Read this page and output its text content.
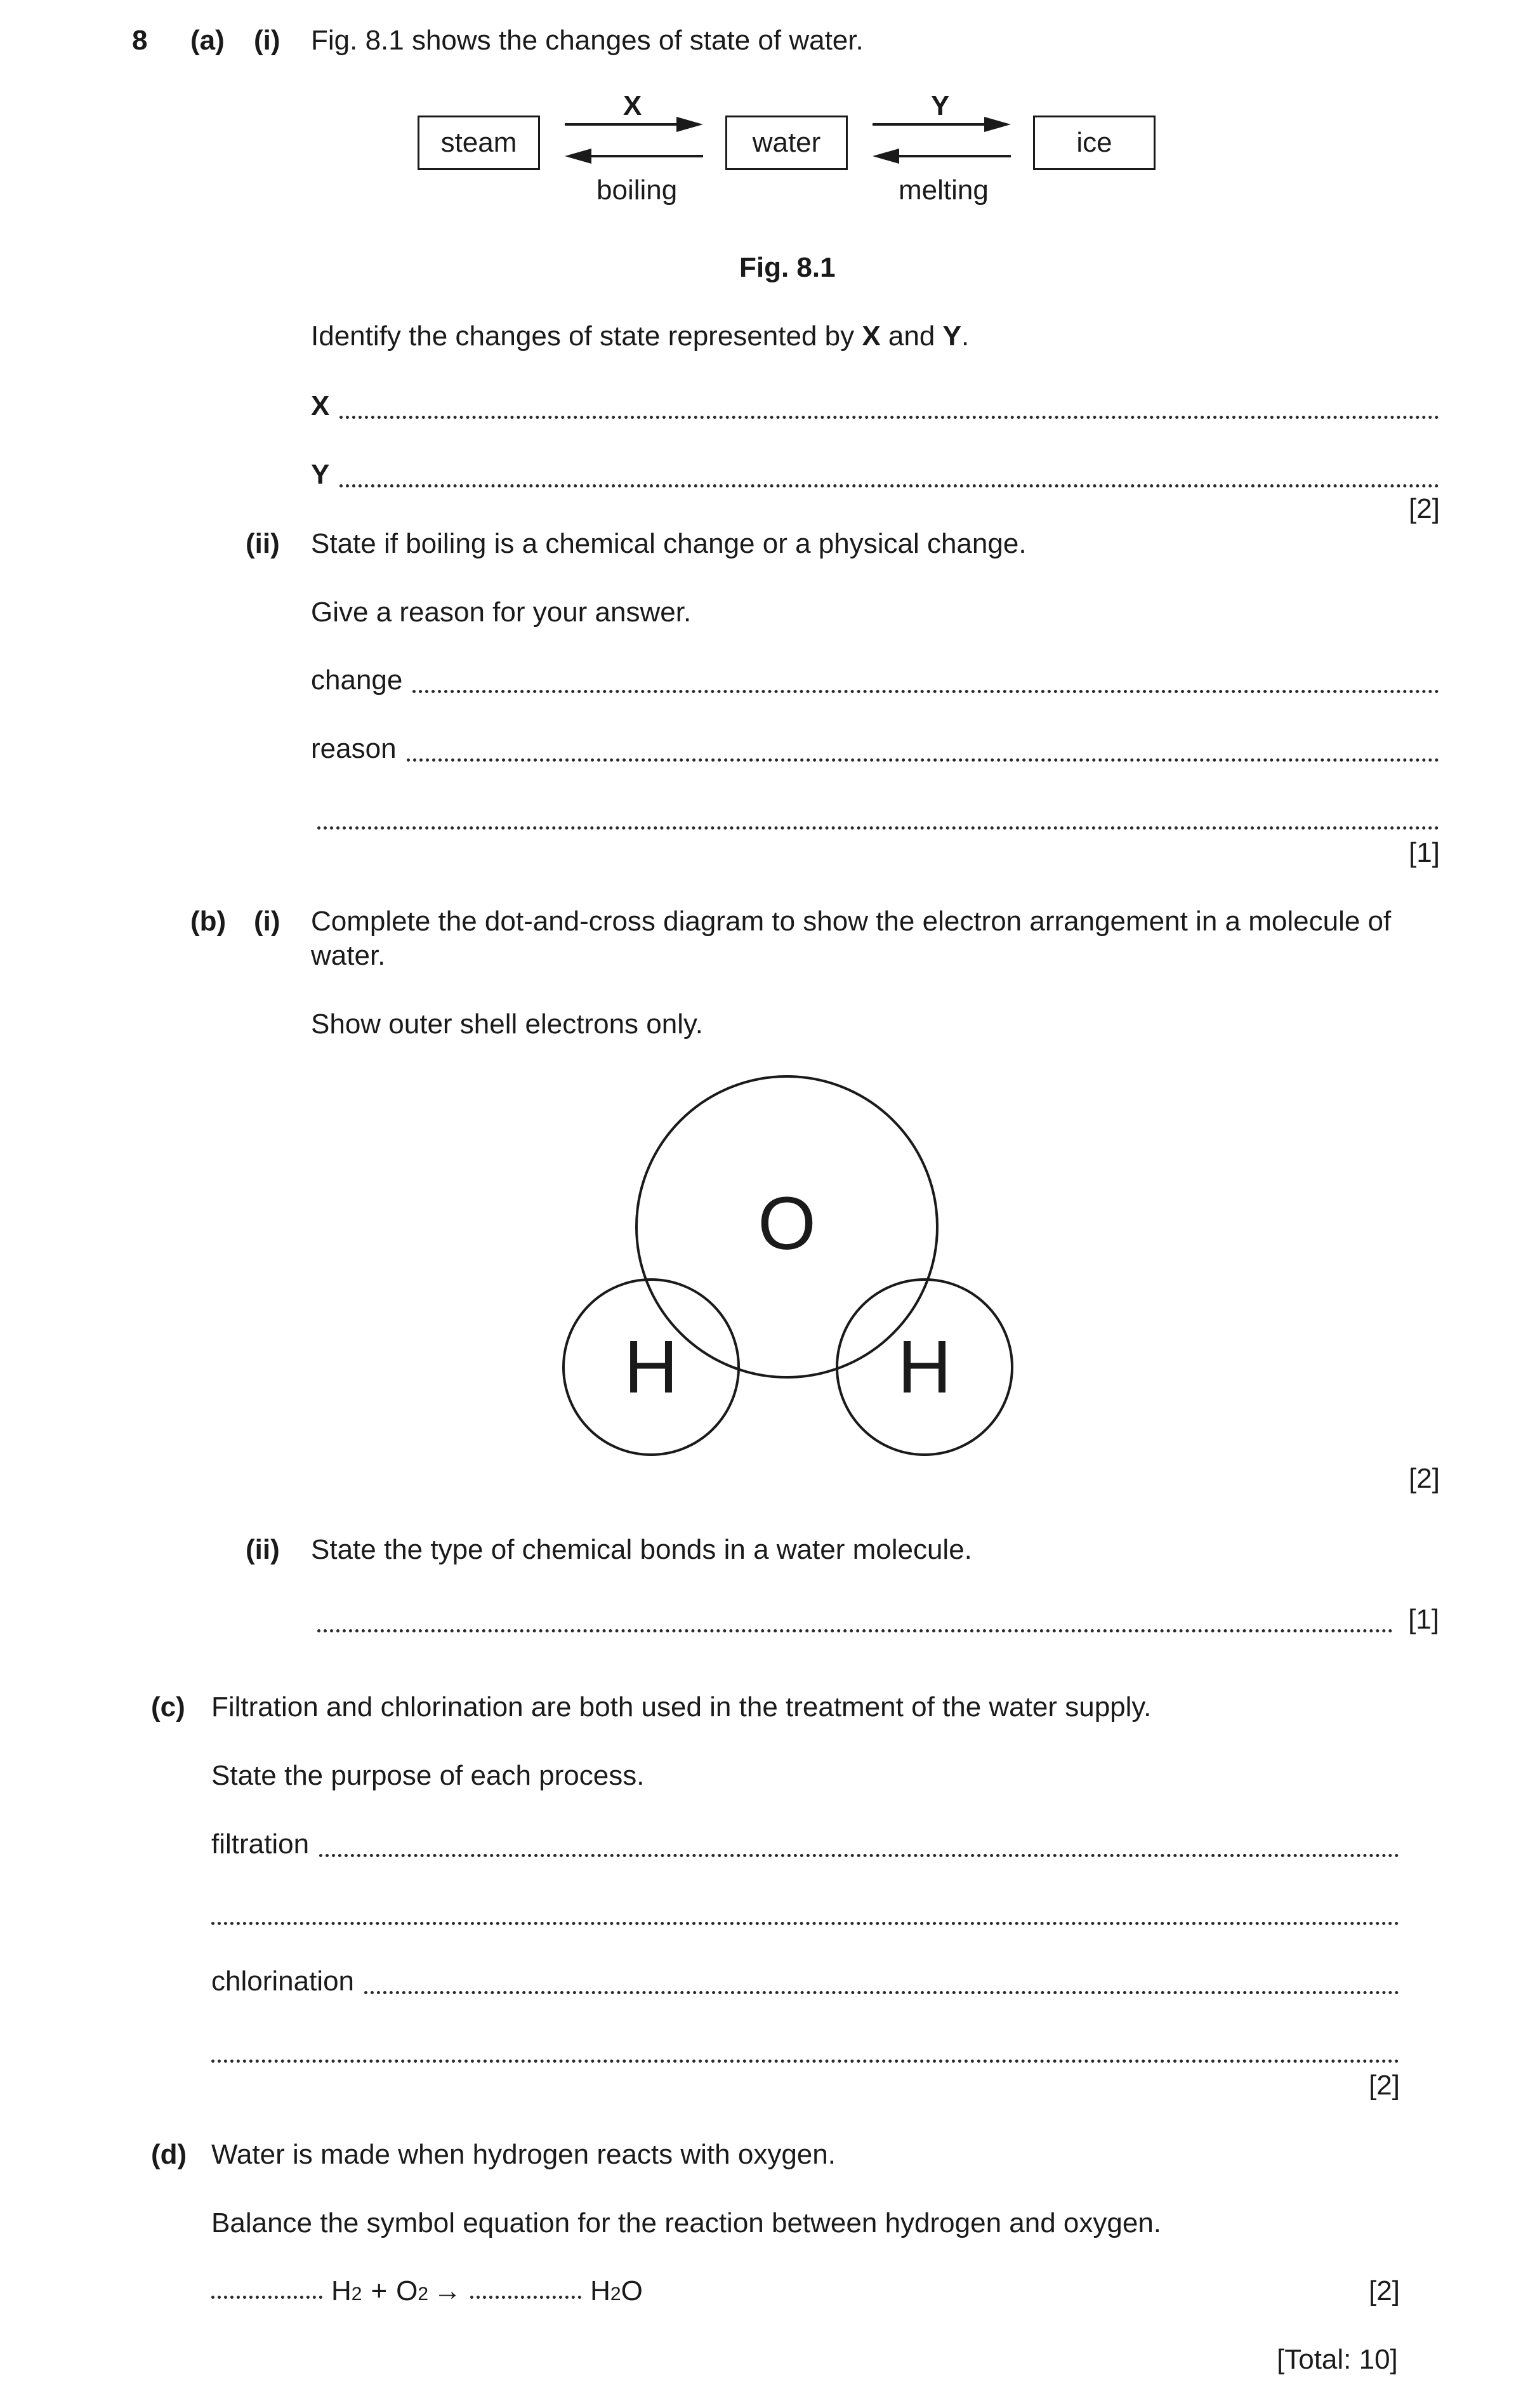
8 (a) (i) Fig. 8.1 shows the changes of state of water.
steam	water	ice
X	Y
boiling	melting
Fig. 8.1
Identify the changes of state represented by X and Y.
X
Y
[2]
(ii) State if boiling is a chemical change or a physical change.
Give a reason for your answer.
change
reason
[1]
(b) (i) Complete the dot-and-cross diagram to show the electron arrangement in a molecule of
water.
Show outer shell electrons only.
O
H	H
[2]
(ii) State the type of chemical bonds in a water molecule.
[1]
(c) Filtration and chlorination are both used in the treatment of the water supply.
State the purpose of each process.
filtration
chlorination
[2]
(d) Water is made when hydrogen reacts with oxygen.
Balance the symbol equation for the reaction between hydrogen and oxygen.
H 2 + O 2 →	H 2 O	[2]
[Total: 10]
